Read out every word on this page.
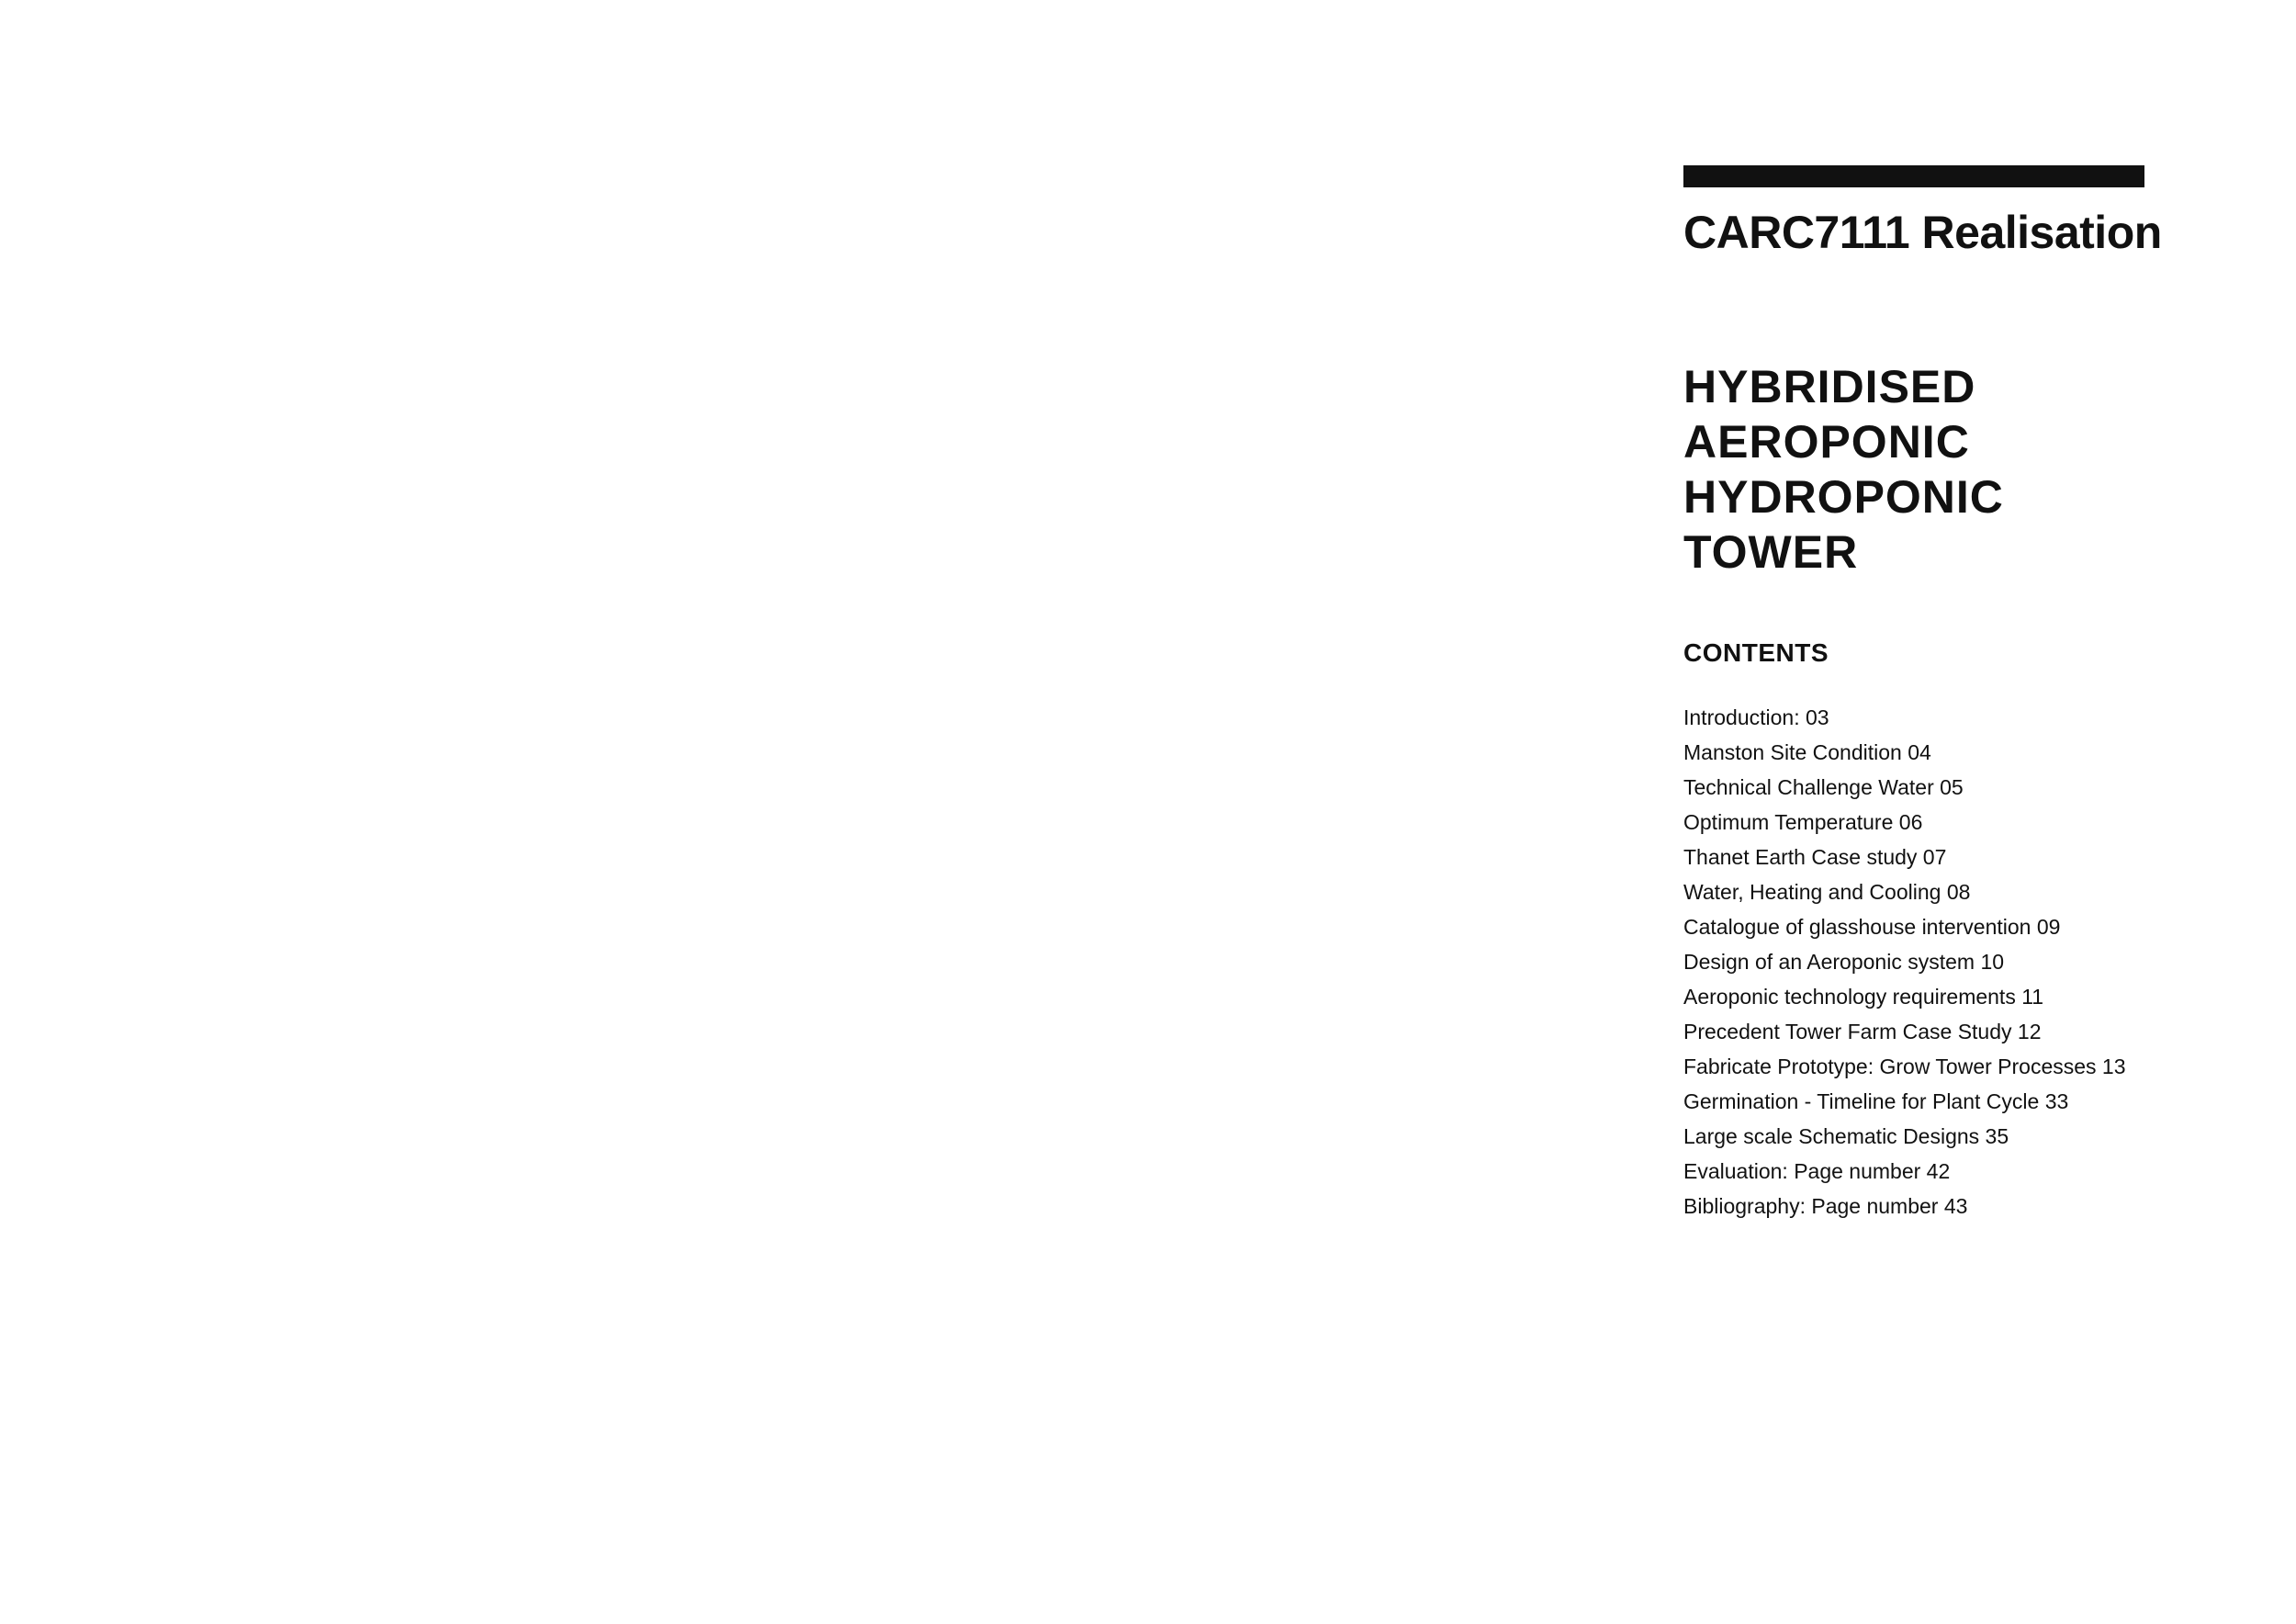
CARC7111 Realisation
HYBRIDISED
AEROPONIC
HYDROPONIC
TOWER
CONTENTS
Introduction: 03
Manston Site Condition 04
Technical Challenge Water 05
Optimum Temperature 06
Thanet Earth Case study 07
Water, Heating and Cooling 08
Catalogue of glasshouse intervention 09
Design of an Aeroponic system 10
Aeroponic technology requirements 11
Precedent Tower Farm Case Study 12
Fabricate Prototype: Grow Tower Processes 13
Germination - Timeline for Plant Cycle 33
Large scale Schematic Designs 35
Evaluation: Page number 42
Bibliography: Page number 43
